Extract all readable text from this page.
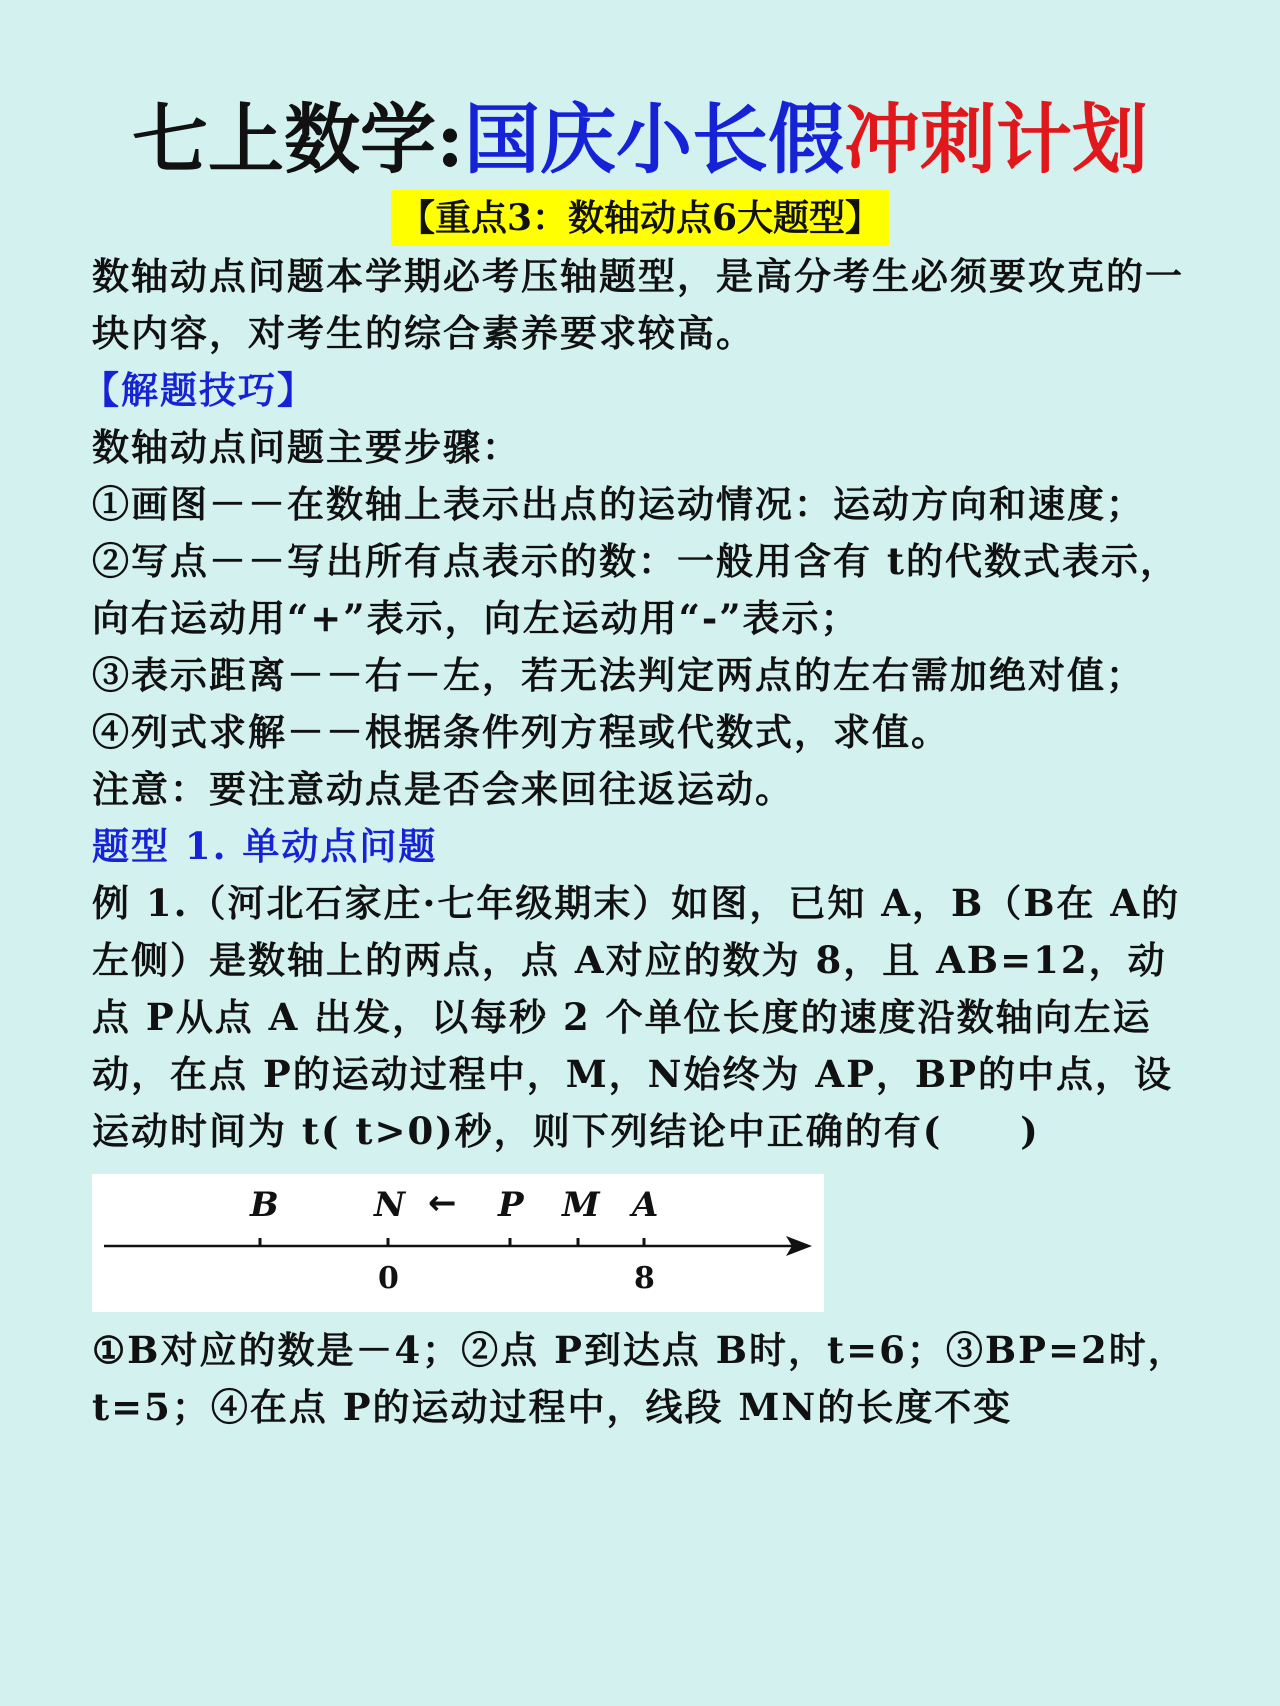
七上数学:国庆小长假冲刺计划
【重点3：数轴动点6大题型】

数轴动点问题本学期必考压轴题型，是高分考生必须要攻克的一块内容，对考生的综合素养要求较高。

【解题技巧】

数轴动点问题主要步骤：

①画图－－在数轴上表示出点的运动情况：运动方向和速度；

②写点－－写出所有点表示的数：一般用含有 t的代数式表示，向右运动用“+”表示，向左运动用“-”表示；

③表示距离－－右－左，若无法判定两点的左右需加绝对值；

④列式求解－－根据条件列方程或代数式，求值。

注意：要注意动点是否会来回往返运动。

题型 1. 单动点问题

例 1.（河北石家庄·七年级期末）如图，已知 A，B（B在 A的左侧）是数轴上的两点，点 A对应的数为 8，且 AB=12，动点 P从点 A 出发，以每秒 2 个单位长度的速度沿数轴向左运动，在点 P的运动过程中，M，N始终为 AP，BP的中点，设运动时间为 t( t>0)秒，则下列结论中正确的有(　　)

B	N ← P M A
0	8

①B对应的数是－4；②点 P到达点 B时，t=6；③BP=2时，t=5；④在点 P的运动过程中，线段 MN的长度不变
